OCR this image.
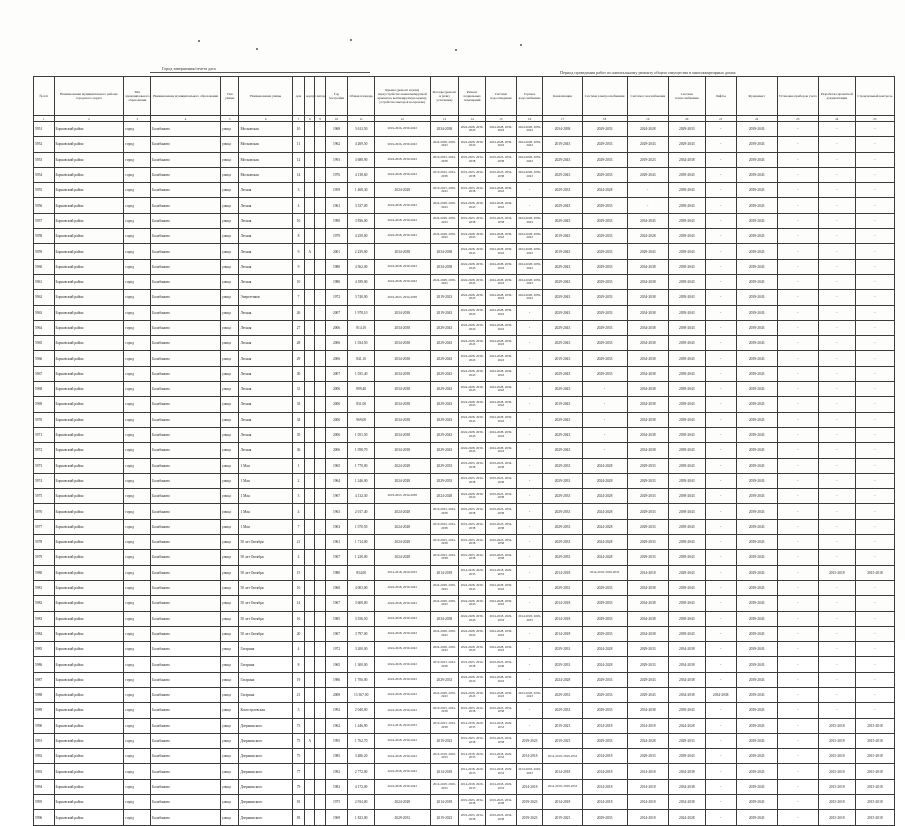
Город завершения/отчета дата
Период проведения работ по капитальному ремонту общего имущества в многоквартирных домах
№ п/п	Наименование муниципального района/городского округа	Тип муниципального образования	Наименование муниципального образования	Тип улицы	Наименование улицы	дом	корпус	литера	Год постройки	Общая площадь	Крыша (ремонт и (или) переустройство невентилируемой крыши на вентилируемую крышу, устройство выходов на кровлю)	Фасады (ремонт и (или) утепление)	Ремонт подвальных помещений	Система водоотведения	Горячее водоснабжение	Канализация	Система электроснабжения	Система газоснабжения	Система теплоснабжения	Лифты	Фундамент	Установка приборов учета	Разработка проектной документации	Строительный контроль
1	2	3	4	5	6	7	8	9	10	11	12	13	14	15	16	17	18	19	20	21	22	23	24	25
5951	Борковский район	город	Балабаново	улица	Московская	10			1968	3 613,50	2019-2026, 2039-2043	2034-2038	2024-2028, 2039-2043	2024-2028, 2039-2043	2024-2028, 2039-2043	2034-2038	2029-2033	2024-2028	2029-2033	-	2039-2043	-	-	-
5952	Борковский район	город	Балабаново	улица	Московская	11			1962	4 269,50	2019-2026, 2039-2043	2024-2028, 2039-2043	2024-2028, 2039-2043	2024-2028, 2039-2043	2024-2028, 2039-2043	2019-2043	2029-2033	2029-2043	2029-2043	-	2039-2043	-	-	-
5953	Борковский район	город	Балабаново	улица	Московская	12			1993	3 688,90	2024-2028, 2039-2043	2019-2023, 2034-2038	2019-2023, 2034-2038	2019-2023, 2034-2038	2024-2028, 2039-2043	2029-2043	2029-2033	2019-2023	2034-2038	-	2039-2043	-	-	-
5954	Борковский район	город	Балабаново	улица	Московская	14			1976	4 138,60	2024-2028, 2039-2043	2019-2023, 2034-2038	2019-2023, 2034-2038	2019-2023, 2034-2038	2024-2028, 2039-2043	2029-2043	2029-2033	2029-2043	2039-2043	-	2039-2043	-	-	-
5955	Борковский район	город	Балабаново	улица	Лесная	3			1959	1 468,30	2024-2028	2019-2023, 2039-2043	2019-2023, 2034-2038	2024-2028, 2039-2043	-	2029-2033	2024-2028	-	2039-2043	-	2039-2043	-	-	-
5956	Борковский район	город	Балабаново	улица	Лесная	4			1961	3 337,00	2024-2028, 2039-2043	2024-2028, 2039-2043	2024-2028, 2039-2043	2024-2028, 2039-2043	-	2029-2043	2029-2033	-	2039-2043	-	2039-2043	-	-	-
5957	Борковский район	город	Балабаново	улица	Лесная	16			1990	3 836,00	2024-2028, 2039-2043	2024-2028, 2039-2043	2019-2023, 2034-2038	2019-2023, 2034-2038	2024-2028, 2039-2043	2029-2043	2029-2033	2034-2043	2039-2043	-	2039-2043	-	-	-
5958	Борковский район	город	Балабаново	улица	Лесная	8			1979	4 250,00	2024-2028, 2039-2043	2024-2028, 2039-2043	2024-2028, 2039-2043	2024-2028, 2039-2043	2024-2028, 2039-2043	2019-2043	2029-2033	2024-2028	2039-2043	-	2039-2043	-	-	-
5959	Борковский район	город	Балабаново	улица	Лесная	9	А		2001	2 239,00	2034-2038	2034-2038	2024-2028, 2039-2043	2024-2028, 2039-2043	2024-2028, 2039-2043	2019-2043	2029-2033	2029-2043	2039-2043	-	2039-2043	-	-	-
5960	Борковский район	город	Балабаново	улица	Лесная	9			1980	4 562,00	2024-2028, 2039-2043	2034-2038	2024-2028, 2039-2043	2024-2028, 2039-2043	2024-2028, 2039-2043	2029-2043	2029-2033	2034-2038	2039-2043	-	2039-2043	-	-	-
5961	Борковский район	город	Балабаново	улица	Лесная	10			1980	4 189,00	2024-2028, 2039-2043	2024-2028, 2039-2043	2024-2028, 2039-2043	2024-2028, 2039-2043	2024-2028, 2039-2043	2029-2043	2029-2033	2034-2038	2039-2043	-	2039-2043	-	-	-
5962	Борковский район	город	Балабаново	улица	Энергетиков	7			1972	3 740,00	2019-2023, 2034-2038	2019-2023	2024-2028, 2039-2043	2024-2028, 2039-2043	2024-2028, 2039-2043	2029-2043	2029-2033	2034-2038	2039-2043	-	2039-2043	-	-	-
5963	Борковский район	город	Балабаново	улица	Лесная	26			2007	1 978,10	2034-2038	2019-2043	2024-2028, 2039-2043	2024-2028, 2039-2043	-	2029-2043	2029-2033	2034-2038	2039-2043	-	2039-2043	-	-	-
5964	Борковский район	город	Балабаново	улица	Лесная	27			2006	814,10	2034-2038	2029-2043	2024-2028, 2039-2043	2024-2028, 2039-2043	-	2029-2043	2029-2033	2034-2038	2039-2043	-	2039-2043	-	-	-
5965	Борковский район	город	Балабаново	улица	Лесная	28			2006	1 034,50	2034-2038	2029-2043	2024-2028, 2039-2043	2024-2028, 2039-2043	-	2029-2043	2029-2033	2034-2038	2039-2043	-	2039-2043	-	-	-
5966	Борковский район	город	Балабаново	улица	Лесная	29			2006	841,10	2034-2038	2029-2043	2024-2028, 2039-2043	2024-2028, 2039-2043	-	2019-2043	2029-2033	2034-2038	2039-2043	-	2039-2043	-	-	-
5967	Борковский район	город	Балабаново	улица	Лесная	30			2007	1 035,40	2034-2038	2029-2043	2024-2028, 2039-2043	2024-2028, 2039-2043	-	2029-2043	2029-2033	2034-2038	2039-2043	-	2039-2043	-	-	-
5968	Борковский район	город	Балабаново	улица	Лесная	31			2006	899,40	2034-2038	2029-2043	2024-2028, 2039-2043	2024-2028, 2039-2043	-	2029-2043	-	2034-2038	2039-2043	-	2039-2043	-	-	-
5969	Борковский район	город	Балабаново	улица	Лесная	33			2006	831,00	2034-2038	2029-2043	2024-2028, 2039-2043	2024-2028, 2039-2043	-	2019-2043	-	2034-2038	2039-2043	-	2039-2043	-	-	-
5970	Борковский район	город	Балабаново	улица	Лесная	34			2006	969,00	2034-2038	2029-2043	2024-2028, 2039-2043	2024-2028, 2039-2043	-	2029-2043	-	2034-2038	2039-2043	-	2039-2043	-	-	-
5971	Борковский район	город	Балабаново	улица	Лесная	35			2006	1 051,50	2034-2038	2029-2043	2024-2028, 2039-2043	2024-2028, 2039-2043	-	2029-2043	-	2034-2038	2039-2043	-	2039-2043	-	-	-
5972	Борковский район	город	Балабаново	улица	Лесная	36			2006	1 058,70	2034-2038	2029-2043	2024-2028, 2039-2043	2024-2028, 2039-2043	-	2029-2043	-	2034-2038	2039-2043	-	2039-2043	-	-	-
5973	Борковский район	город	Балабаново	улица	1 Мая	1			1965	1 770,00	2024-2028	2029-2033	2019-2023, 2034-2038	2019-2023, 2034-2038	-	2029-2033	2024-2028	2029-2033	2039-2043	-	2039-2043	-	-	-
5974	Борковский район	город	Балабаново	улица	1 Мая	2			1964	1 246,00	2024-2028	2029-2033	2019-2023, 2034-2038	2019-2023, 2034-2038	-	2029-2033	2024-2028	2029-2033	2039-2043	-	2039-2043	-	-	-
5975	Борковский район	город	Балабаново	улица	1 Мая	3			1967	4 132,30	2019-2023, 2034-2038	2024-2028	2024-2028, 2039-2043	2019-2023, 2034-2038	-	2029-2033	2024-2028	2029-2033	2039-2043	-	2039-2043	-	-	-
5976	Борковский район	город	Балабаново	улица	1 Мая	4			1963	2 017,40	2024-2028	2019-2023, 2034-2038	2019-2023, 2034-2038	2019-2023, 2034-2038	-	2029-2033	2024-2028	2029-2033	2039-2043	-	2039-2043	-	-	-
5977	Борковский район	город	Балабаново	улица	1 Мая	7			1963	1 070,50	2024-2028	2019-2023, 2034-2038	2019-2023, 2034-2038	2019-2023, 2034-2038	-	2029-2033	2024-2028	2029-2033	2039-2043	-	2039-2043	-	-	-
5978	Борковский район	город	Балабаново	улица	50 лет Октября	21			1961	1 714,00	2024-2028	2019-2023, 2034-2038	2019-2023, 2034-2038	2019-2023, 2034-2038	-	2029-2033	2024-2028	2029-2033	2039-2043	-	2039-2043	-	-	-
5979	Борковский район	город	Балабаново	улица	50 лет Октября	4			1967	1 228,00	2024-2028	2019-2023, 2034-2038	2019-2023, 2034-2038	2019-2023, 2034-2038	-	2029-2033	2024-2028	2029-2033	2039-2043	-	2039-2043	-	-	-
5980	Борковский район	город	Балабаново	улица	50 лет Октября	15			1980	834,00	2014-2018, 2029-2033	2014-2018	2014-2018, 2029-2033	2014-2018, 2029-2033	-	2014-2018	2014-2018, 2029-2033	2014-2018	2029-2043	-	2029-2043	-	2015-2018	2015-2018
5981	Борковский район	город	Балабаново	улица	50 лет Октября	16			1960	4 003,00	2024-2028, 2039-2043	2024-2028, 2039-2043	2024-2028, 2039-2043	2024-2028, 2039-2043	-	2029-2033	2029-2033	2034-2038	2039-2043	-	2039-2043	-	-	-
5982	Борковский район	город	Балабаново	улица	50 лет Октября	14			1967	3 600,00	2024-2028, 2039-2043	2024-2028, 2039-2043	2024-2028, 2039-2043	2024-2028, 2039-2043	-	2014-2018	2029-2033	2034-2038	2039-2043	-	2039-2043	-	-	-
5983	Борковский район	город	Балабаново	улица	50 лет Октября	16			1985	3 556,50	2024-2028, 2039-2043	2034-2038	2024-2028, 2039-2043	2014-2018, 2029-2033	2014-2018, 2029-2033	2014-2018	2029-2033	2034-2038	2039-2043	-	2039-2043	-	-	-
5984	Борковский район	город	Балабаново	улица	50 лет Октября	20			1967	3 797,00	2024-2028, 2039-2043	2024-2028, 2039-2043	2024-2028, 2039-2043	2024-2028, 2039-2043	-	2014-2018	2029-2033	2034-2038	2039-2043	-	2039-2043	-	-	-
5985	Борковский район	город	Балабаново	улица	Гагарина	4			1972	3 200,00	2024-2028, 2039-2043	2024-2028, 2039-2043	2024-2028, 2039-2043	2024-2028, 2039-2043	-	2029-2033	2024-2028	2029-2033	2034-2038	-	2039-2043	-	-	-
5986	Борковский район	город	Балабаново	улица	Гагарина	8			1965	1 300,00	2024-2028, 2039-2043	2019-2023, 2034-2038	2019-2023, 2034-2038	2019-2023, 2034-2038	-	2029-2033	2024-2028	2029-2033	2034-2038	-	2039-2043	-	-	-
5987	Борковский район	город	Балабаново	улица	Гагарина	19			1986	1 706,00	2024-2028, 2039-2043	2029-2033	2024-2028, 2039-2043	2024-2028, 2039-2043	-	2024-2028	2029-2033	2029-2043	2034-2038	-	2039-2043	-	-	-
5988	Борковский район	город	Балабаново	улица	Гагарина	21			2008	13 367,00	2024-2028, 2039-2043	2024-2028, 2039-2043	2024-2028, 2039-2043	2024-2028, 2039-2043	2024-2028, 2039-2043	2029-2033	2029-2033	2029-2043	2034-2038	2034-2038	2039-2043	-	-	-
5989	Борковский район	город	Балабаново	улица	Коопстроевская	5			1992	2 040,00	2024-2028, 2039-2043	2019-2023, 2034-2038	2019-2023, 2034-2038	2019-2023, 2034-2038	-	2029-2033	2029-2033	2034-2038	2039-2043	-	2039-2043	-	-	-
5990	Борковский район	город	Балабаново	улица	Дзержинского	73			1962	1 446,90	2014-2018, 2029-2033	2019-2023, 2034-2038	2014-2018, 2029-2033	2014-2018, 2029-2033	-	2019-2023	2014-2018	2014-2018	2024-2028	-	2039-2043	-	2015-2018	2015-2018
5991	Борковский район	город	Балабаново	улица	Дзержинского	75	А		1995	1 762,70	2024-2028, 2039-2043	2019-2023	2019-2023, 2034-2038	2019-2023, 2034-2038	2019-2023	2019-2023	2029-2033	2024-2028	2029-2033	-	2039-2043	-	2015-2018	2015-2018
5992	Борковский район	город	Балабаново	улица	Дзержинского	75			1985	3 486,20	2024-2028, 2039-2043	2014-2018, 2029-2033	2014-2018, 2029-2033	2014-2018, 2029-2033	2014-2018	2014-2018, 2029-2033	2014-2018	2029-2033	2039-2043	-	2039-2043	-	2015-2018	2015-2018
5993	Борковский район	город	Балабаново	улица	Дзержинского	77			1992	2 772,00	2024-2028, 2039-2043	2014-2018	2014-2018, 2029-2033	2014-2018, 2029-2033	2014-2018, 2029-2033	2014-2018	2014-2018	2014-2018	2034-2038	-	2039-2043	-	2015-2018	2015-2018
5994	Борковский район	город	Балабаново	улица	Дзержинского	79			1982	4 172,00	2024-2028, 2039-2043	2014-2018, 2029-2033	2014-2018, 2029-2033	2014-2018, 2029-2033	2014-2018	2014-2018, 2029-2033	2014-2018	2014-2018	2034-2038	-	2039-2043	-	2015-2018	2015-2018
5995	Борковский район	город	Балабаново	улица	Дзержинского	81			1975	2 934,00	2024-2028	2014-2018	2019-2023, 2034-2038	2019-2023, 2034-2038	2019-2023	2014-2018	2014-2018	2014-2018	2034-2038	-	2039-2043	-	2015-2018	2015-2018
5996	Борковский район	город	Балабаново	улица	Дзержинского	83			1969	1 823,00	2029-2033	2019-2023	2019-2023, 2034-2038	2019-2023, 2034-2038	2019-2023	2019-2023	2029-2033	2014-2018	2024-2028	-	2039-2043	-	2015-2018	2015-2018
